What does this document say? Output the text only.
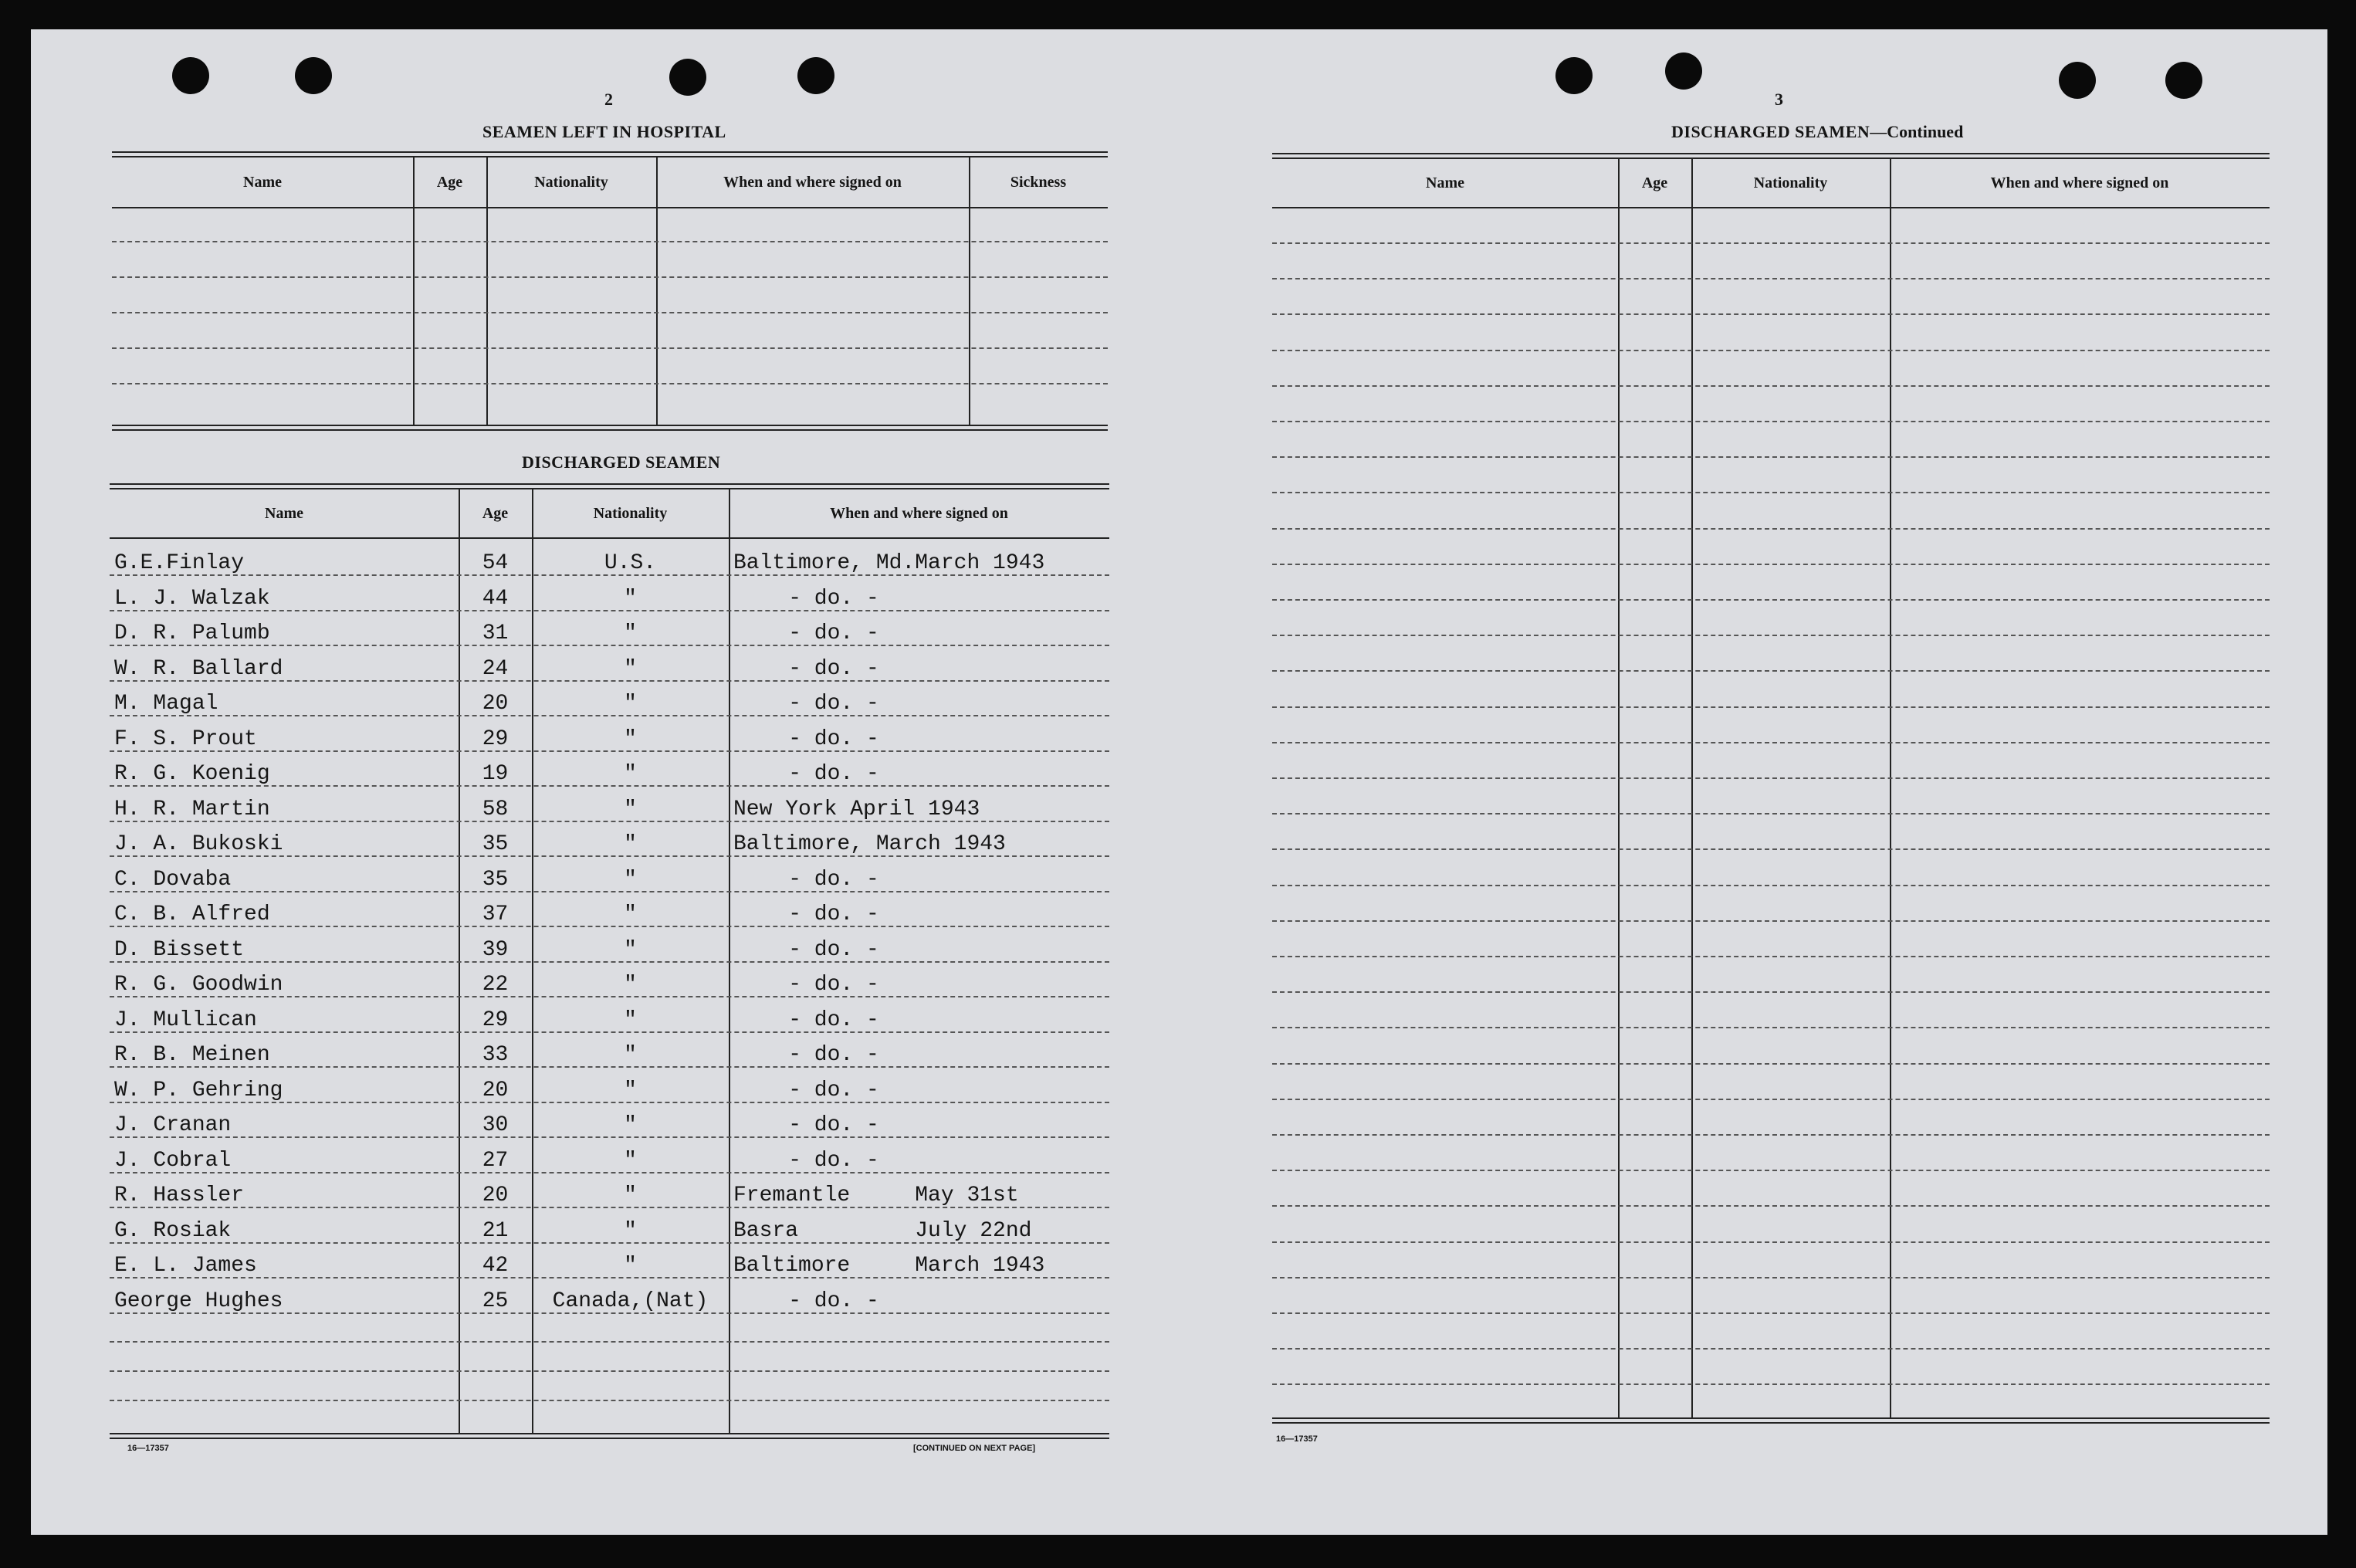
2
SEAMEN LEFT IN HOSPITAL
Name	Age	Nationality	When and where signed on	Sickness
DISCHARGED SEAMEN
Name	Age	Nationality	When and where signed on
G.E.Finlay	54	U.S.	Baltimore, Md.March 1943
L. J. Walzak	44	"	- do. -
D. R. Palumb	31	"	- do. -
W. R. Ballard	24	"	- do. -
M. Magal	20	"	- do. -
F. S. Prout	29	"	- do. -
R. G. Koenig	19	"	- do. -
H. R. Martin	58	"	New York April 1943
J. A. Bukoski	35	"	Baltimore, March 1943
C. Dovaba	35	"	- do. -
C. B. Alfred	37	"	- do. -
D. Bissett	39	"	- do. -
R. G. Goodwin	22	"	- do. -
J. Mullican	29	"	- do. -
R. B. Meinen	33	"	- do. -
W. P. Gehring	20	"	- do. -
J. Cranan	30	"	- do. -
J. Cobral	27	"	- do. -
R. Hassler	20	"	Fremantle     May 31st
G. Rosiak	21	"	Basra         July 22nd
E. L. James	42	"	Baltimore     March 1943
George Hughes	25	Canada,(Nat)	- do. -
16—17357	[CONTINUED ON NEXT PAGE]
3
DISCHARGED SEAMEN—Continued
Name	Age	Nationality	When and where signed on
16—17357
